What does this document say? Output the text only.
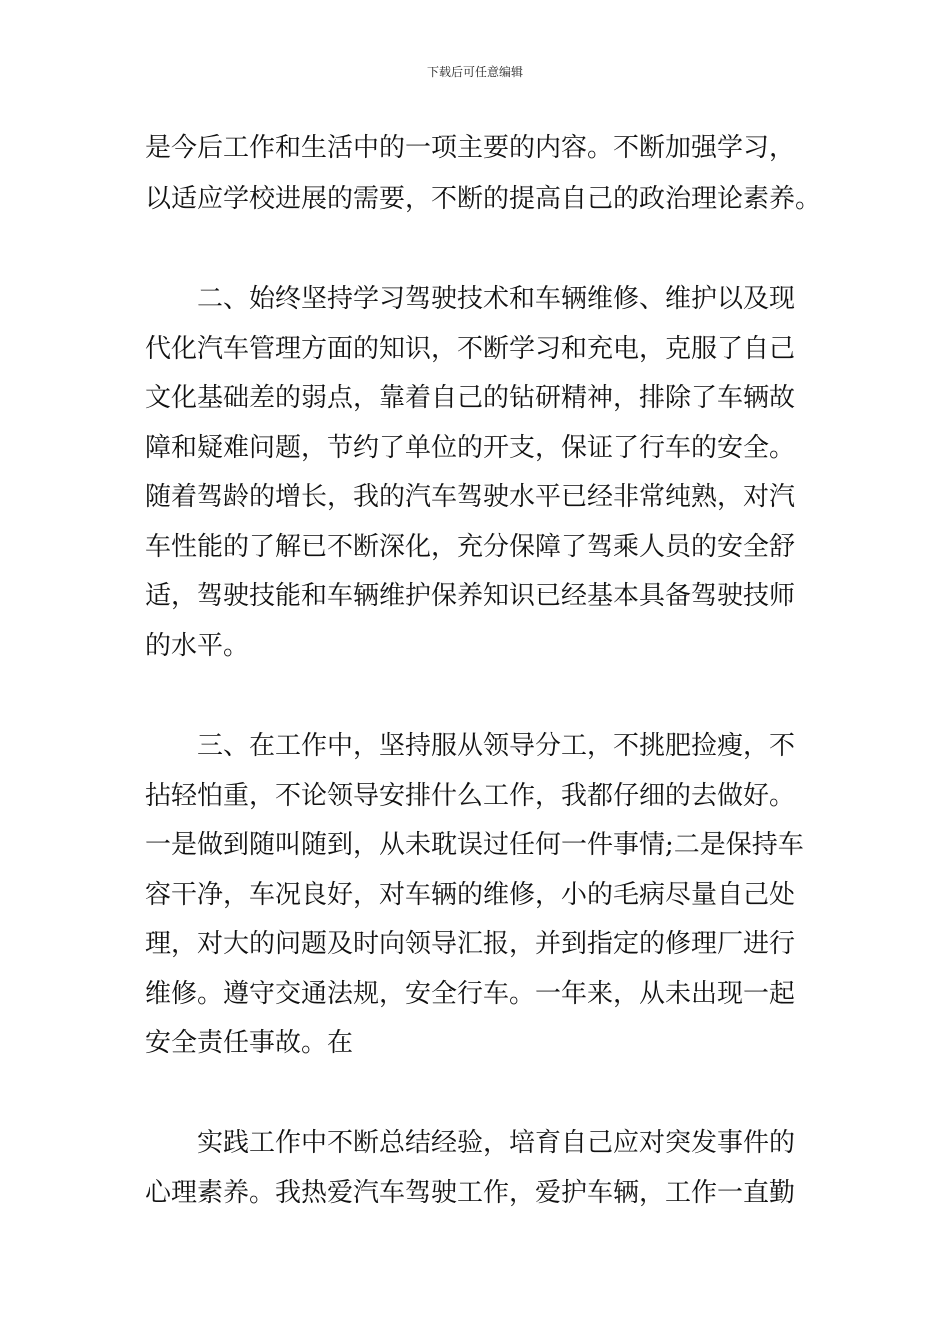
下载后可任意编辑
是今后工作和生活中的一项主要的内容。不断加强学习，
以适应学校进展的需要，不断的提高自己的政治理论素养。
二、始终坚持学习驾驶技术和车辆维修、维护以及现
代化汽车管理方面的知识，不断学习和充电，克服了自己
文化基础差的弱点，靠着自己的钻研精神，排除了车辆故
障和疑难问题，节约了单位的开支，保证了行车的安全。
随着驾龄的增长，我的汽车驾驶水平已经非常纯熟，对汽
车性能的了解已不断深化，充分保障了驾乘人员的安全舒
适，驾驶技能和车辆维护保养知识已经基本具备驾驶技师
的水平。
三、在工作中，坚持服从领导分工，不挑肥捡瘦，不
拈轻怕重，不论领导安排什么工作，我都仔细的去做好。
一是做到随叫随到，从未耽误过任何一件事情;二是保持车
容干净，车况良好，对车辆的维修，小的毛病尽量自己处
理，对大的问题及时向领导汇报，并到指定的修理厂进行
维修。遵守交通法规，安全行车。一年来，从未出现一起
安全责任事故。在
实践工作中不断总结经验，培育自己应对突发事件的
心理素养。我热爱汽车驾驶工作，爱护车辆，工作一直勤
